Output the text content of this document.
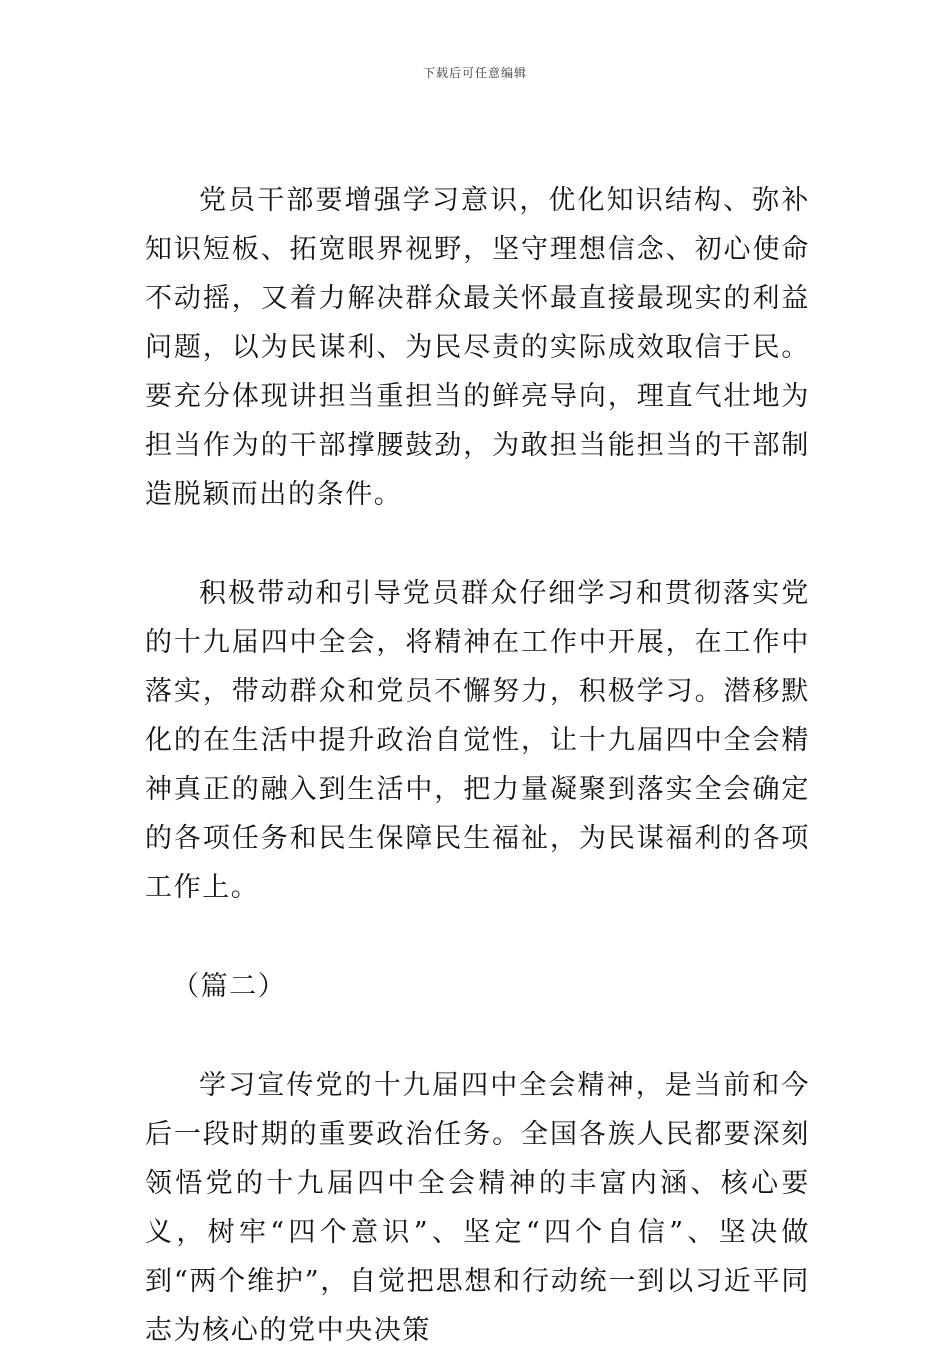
下载后可任意编辑

党员干部要增强学习意识，优化知识结构、弥补知识短板、拓宽眼界视野，坚守理想信念、初心使命不动摇，又着力解决群众最关怀最直接最现实的利益问题，以为民谋利、为民尽责的实际成效取信于民。要充分体现讲担当重担当的鲜亮导向，理直气壮地为担当作为的干部撑腰鼓劲，为敢担当能担当的干部制造脱颖而出的条件。

积极带动和引导党员群众仔细学习和贯彻落实党的十九届四中全会，将精神在工作中开展，在工作中落实，带动群众和党员不懈努力，积极学习。潜移默化的在生活中提升政治自觉性，让十九届四中全会精神真正的融入到生活中，把力量凝聚到落实全会确定的各项任务和民生保障民生福祉，为民谋福利的各项工作上。

（篇二）

学习宣传党的十九届四中全会精神，是当前和今后一段时期的重要政治任务。全国各族人民都要深刻领悟党的十九届四中全会精神的丰富内涵、核心要义，树牢“四个意识”、坚定“四个自信”、坚决做到“两个维护”，自觉把思想和行动统一到以习近平同志为核心的党中央决策
